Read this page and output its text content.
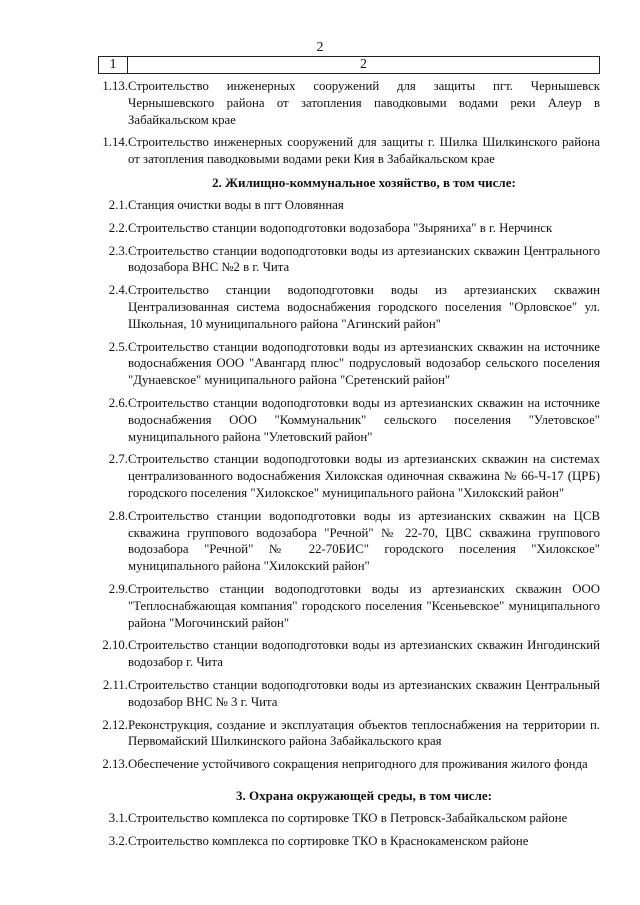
2
1	2
1.13. Строительство инженерных сооружений для защиты пгт. Чернышевск Чернышевского района от затопления паводковыми водами реки Алеур в Забайкальском крае
1.14. Строительство инженерных сооружений для защиты г. Шилка Шилкинского района от затопления паводковыми водами реки Кия в Забайкальском крае
2. Жилищно-коммунальное хозяйство, в том числе:
2.1. Станция очистки воды в пгт Оловянная
2.2. Строительство станции водоподготовки водозабора "Зыряниха" в г. Нерчинск
2.3. Строительство станции водоподготовки воды из артезианских скважин Центрального водозабора ВНС №2 в г. Чита
2.4. Строительство станции водоподготовки воды из артезианских скважин Централизованная система водоснабжения городского поселения "Орловское" ул. Школьная, 10 муниципального района "Агинский район"
2.5. Строительство станции водоподготовки воды из артезианских скважин на источнике водоснабжения ООО "Авангард плюс" подрусловый водозабор сельского поселения "Дунаевское" муниципального района "Сретенский район"
2.6. Строительство станции водоподготовки воды из артезианских скважин на источнике водоснабжения ООО "Коммунальник" сельского поселения "Улетовское" муниципального района "Улетовский район"
2.7. Строительство станции водоподготовки воды из артезианских скважин на системах централизованного водоснабжения Хилокская одиночная скважина № 66-Ч-17 (ЦРБ) городского поселения "Хилокское" муниципального района "Хилокский район"
2.8. Строительство станции водоподготовки воды из артезианских скважин на ЦСВ скважина группового водозабора "Речной" № 22-70, ЦВС скважина группового водозабора "Речной" № 22-70БИС" городского поселения "Хилокское" муниципального района "Хилокский район"
2.9. Строительство станции водоподготовки воды из артезианских скважин ООО "Теплоснабжающая компания" городского поселения "Ксеньевское" муниципального района "Могочинский район"
2.10. Строительство станции водоподготовки воды из артезианских скважин Ингодинский водозабор г. Чита
2.11. Строительство станции водоподготовки воды из артезианских скважин Центральный водозабор ВНС № 3 г. Чита
2.12. Реконструкция, создание и эксплуатация объектов теплоснабжения на территории п. Первомайский Шилкинского района Забайкальского края
2.13. Обеспечение устойчивого сокращения непригодного для проживания жилого фонда
3. Охрана окружающей среды, в том числе:
3.1. Строительство комплекса по сортировке ТКО в Петровск-Забайкальском районе
3.2. Строительство комплекса по сортировке ТКО в Краснокаменском районе
